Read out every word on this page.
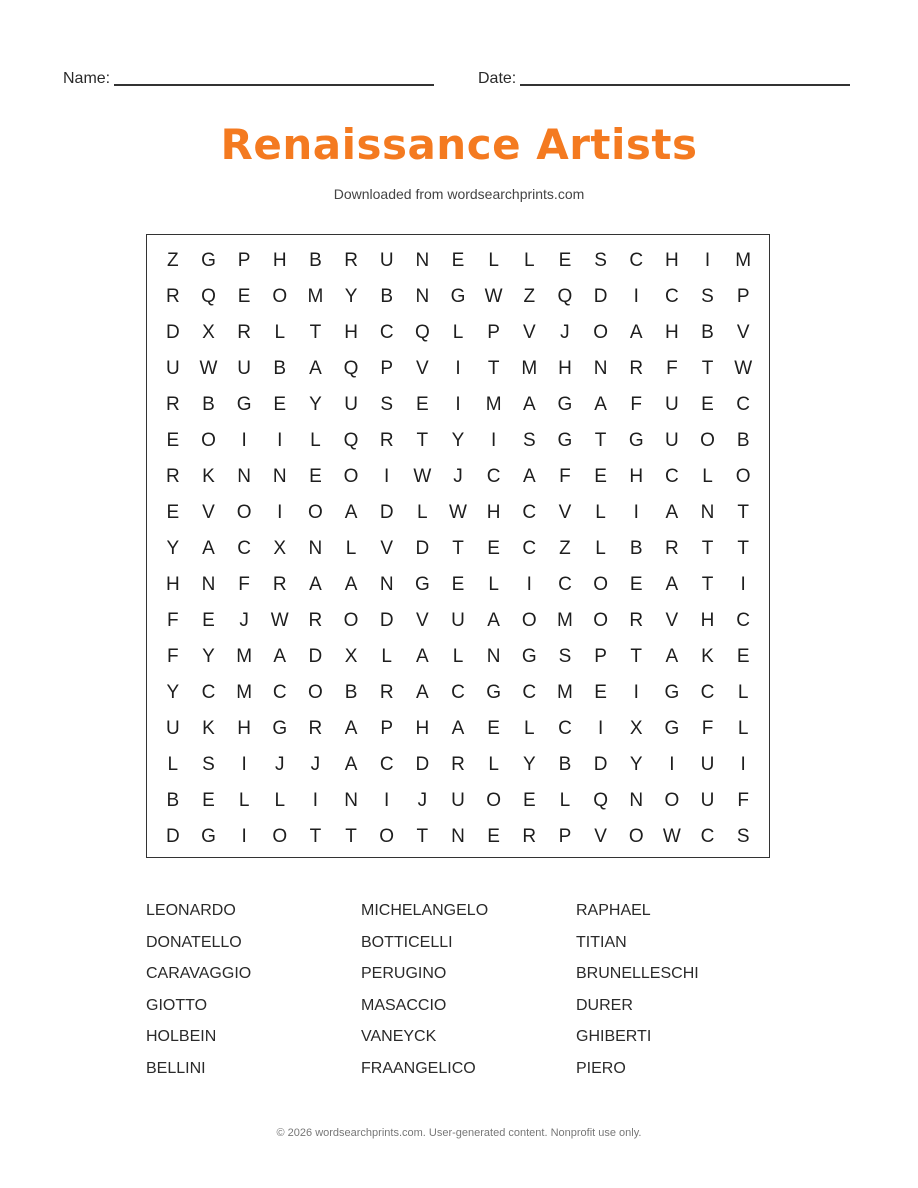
Name:	Date:
Renaissance Artists
Downloaded from wordsearchprints.com
Z	G	P	H	B	R	U	N	E	L	L	E	S	C	H	I	M
R	Q	E	O	M	Y	B	N	G	W	Z	Q	D	I	C	S	P
D	X	R	L	T	H	C	Q	L	P	V	J	O	A	H	B	V
U	W	U	B	A	Q	P	V	I	T	M	H	N	R	F	T	W
R	B	G	E	Y	U	S	E	I	M	A	G	A	F	U	E	C
E	O	I	I	L	Q	R	T	Y	I	S	G	T	G	U	O	B
R	K	N	N	E	O	I	W	J	C	A	F	E	H	C	L	O
E	V	O	I	O	A	D	L	W	H	C	V	L	I	A	N	T
Y	A	C	X	N	L	V	D	T	E	C	Z	L	B	R	T	T
H	N	F	R	A	A	N	G	E	L	I	C	O	E	A	T	I
F	E	J	W	R	O	D	V	U	A	O	M	O	R	V	H	C
F	Y	M	A	D	X	L	A	L	N	G	S	P	T	A	K	E
Y	C	M	C	O	B	R	A	C	G	C	M	E	I	G	C	L
U	K	H	G	R	A	P	H	A	E	L	C	I	X	G	F	L
L	S	I	J	J	A	C	D	R	L	Y	B	D	Y	I	U	I
B	E	L	L	I	N	I	J	U	O	E	L	Q	N	O	U	F
D	G	I	O	T	T	O	T	N	E	R	P	V	O	W	C	S
LEONARDO	MICHELANGELO	RAPHAEL
DONATELLO	BOTTICELLI	TITIAN
CARAVAGGIO	PERUGINO	BRUNELLESCHI
GIOTTO	MASACCIO	DURER
HOLBEIN	VANEYCK	GHIBERTI
BELLINI	FRAANGELICO	PIERO
© 2026 wordsearchprints.com. User-generated content. Nonprofit use only.
